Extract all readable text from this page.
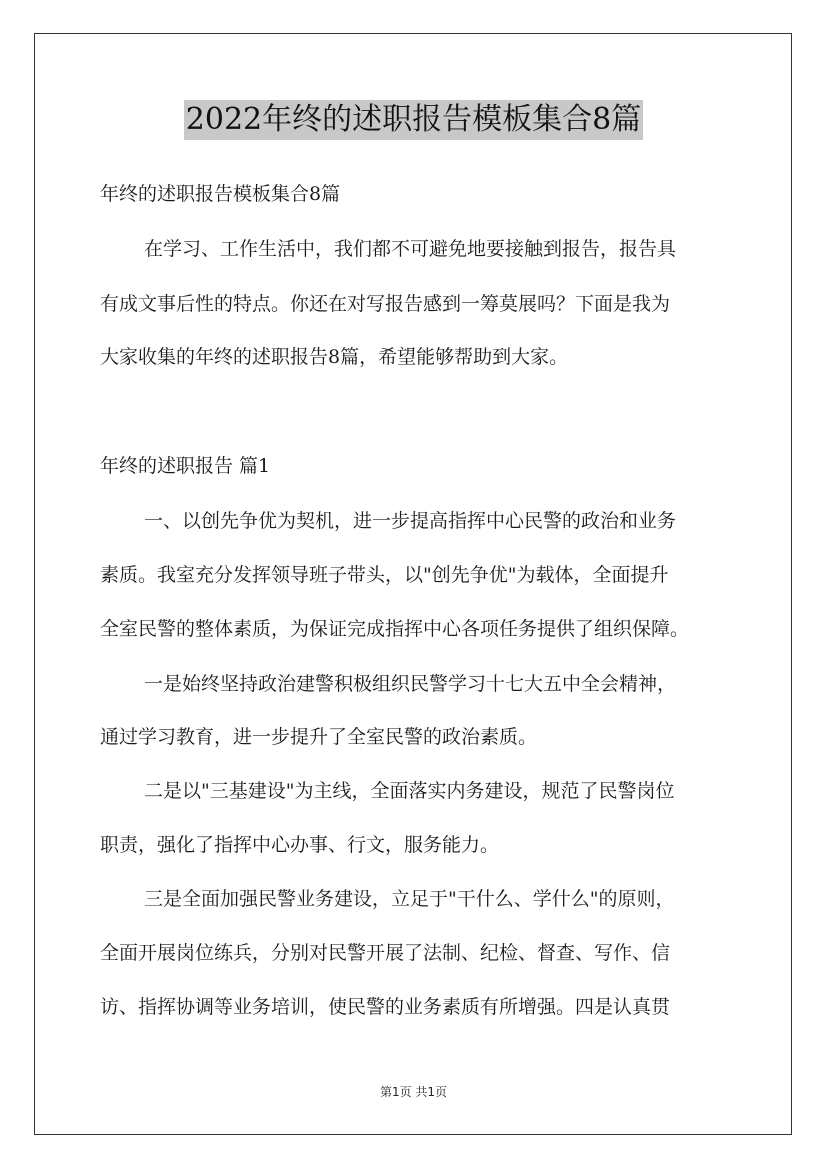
2022年终的述职报告模板集合8篇
年终的述职报告模板集合8篇
在学习、工作生活中，我们都不可避免地要接触到报告，报告具
有成文事后性的特点。你还在对写报告感到一筹莫展吗？下面是我为
大家收集的年终的述职报告8篇，希望能够帮助到大家。
年终的述职报告 篇1
一、以创先争优为契机，进一步提高指挥中心民警的政治和业务
素质。我室充分发挥领导班子带头，以"创先争优"为载体，全面提升
全室民警的整体素质，为保证完成指挥中心各项任务提供了组织保障。
一是始终坚持政治建警积极组织民警学习十七大五中全会精神，
通过学习教育，进一步提升了全室民警的政治素质。
二是以"三基建设"为主线，全面落实内务建设，规范了民警岗位
职责，强化了指挥中心办事、行文，服务能力。
三是全面加强民警业务建设，立足于"干什么、学什么"的原则，
全面开展岗位练兵，分别对民警开展了法制、纪检、督查、写作、信
访、指挥协调等业务培训，使民警的业务素质有所增强。四是认真贯
第1页 共1页
